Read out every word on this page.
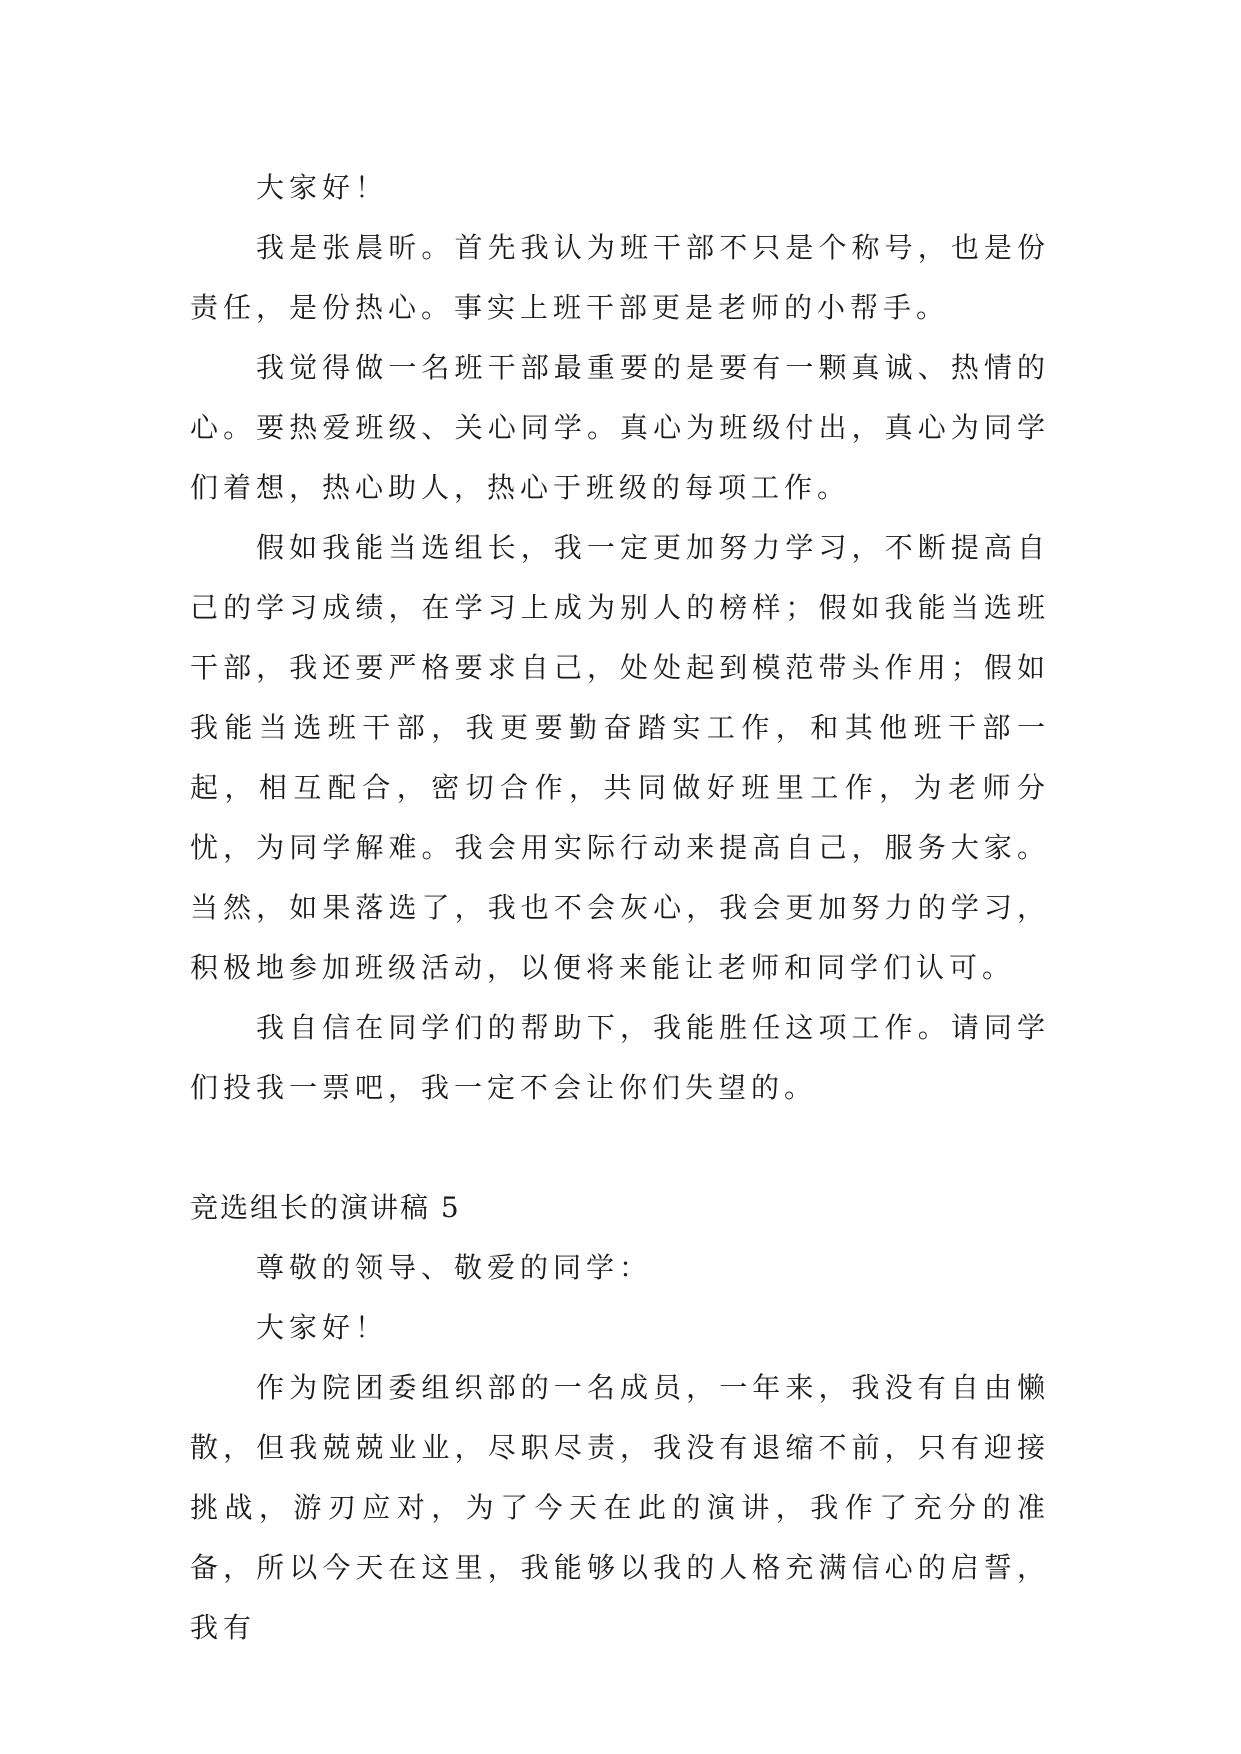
大家好！

我是张晨昕。首先我认为班干部不只是个称号，也是份责任，是份热心。事实上班干部更是老师的小帮手。

我觉得做一名班干部最重要的是要有一颗真诚、热情的心。要热爱班级、关心同学。真心为班级付出，真心为同学们着想，热心助人，热心于班级的每项工作。

假如我能当选组长，我一定更加努力学习，不断提高自己的学习成绩，在学习上成为别人的榜样；假如我能当选班干部，我还要严格要求自己，处处起到模范带头作用；假如我能当选班干部，我更要勤奋踏实工作，和其他班干部一起，相互配合，密切合作，共同做好班里工作，为老师分忧，为同学解难。我会用实际行动来提高自己，服务大家。当然，如果落选了，我也不会灰心，我会更加努力的学习，积极地参加班级活动，以便将来能让老师和同学们认可。

我自信在同学们的帮助下，我能胜任这项工作。请同学们投我一票吧，我一定不会让你们失望的。

竞选组长的演讲稿 5

尊敬的领导、敬爱的同学：

大家好！

作为院团委组织部的一名成员，一年来，我没有自由懒散，但我兢兢业业，尽职尽责，我没有退缩不前，只有迎接挑战，游刃应对，为了今天在此的演讲，我作了充分的准备，所以今天在这里，我能够以我的人格充满信心的启誓，我有
